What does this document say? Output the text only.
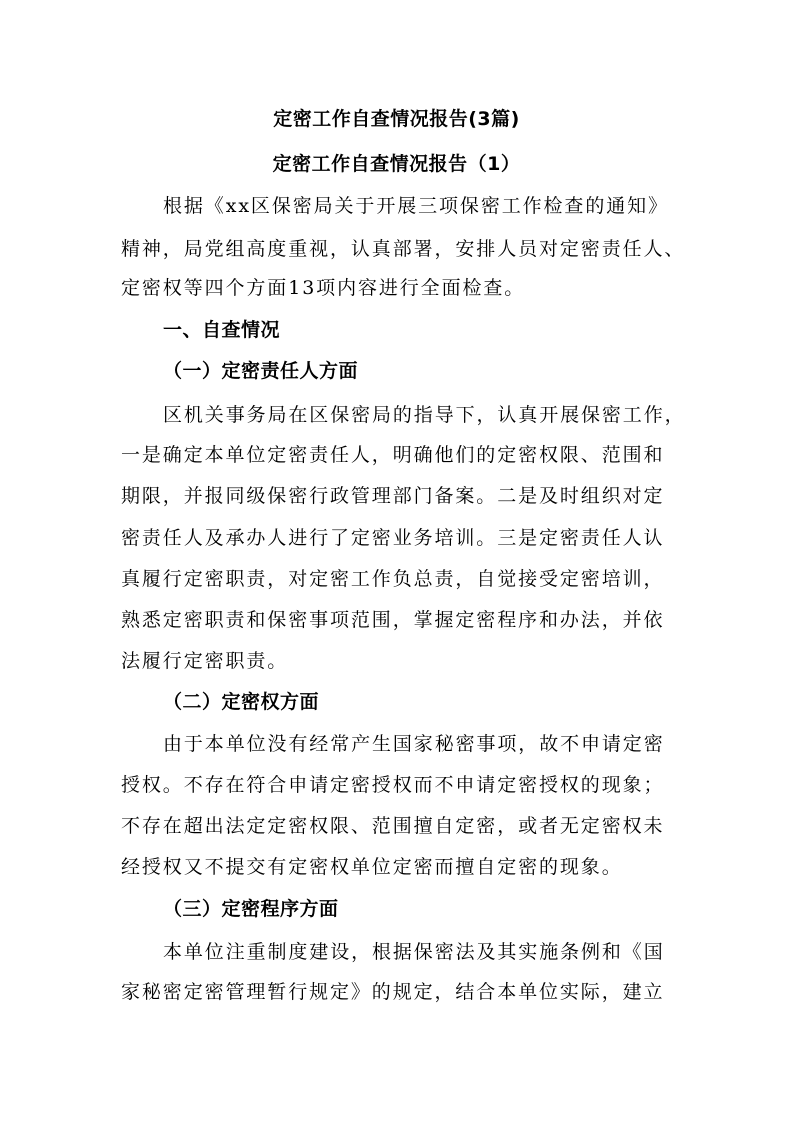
定密工作自查情况报告(3篇)
定密工作自查情况报告（1）
根据《xx区保密局关于开展三项保密工作检查的通知》
精神，局党组高度重视，认真部署，安排人员对定密责任人、
定密权等四个方面13项内容进行全面检查。
一、自查情况
（一）定密责任人方面
区机关事务局在区保密局的指导下，认真开展保密工作，
一是确定本单位定密责任人，明确他们的定密权限、范围和
期限，并报同级保密行政管理部门备案。二是及时组织对定
密责任人及承办人进行了定密业务培训。三是定密责任人认
真履行定密职责，对定密工作负总责，自觉接受定密培训，
熟悉定密职责和保密事项范围，掌握定密程序和办法，并依
法履行定密职责。
（二）定密权方面
由于本单位没有经常产生国家秘密事项，故不申请定密
授权。不存在符合申请定密授权而不申请定密授权的现象；
不存在超出法定定密权限、范围擅自定密，或者无定密权未
经授权又不提交有定密权单位定密而擅自定密的现象。
（三）定密程序方面
本单位注重制度建设，根据保密法及其实施条例和《国
家秘密定密管理暂行规定》的规定，结合本单位实际，建立
